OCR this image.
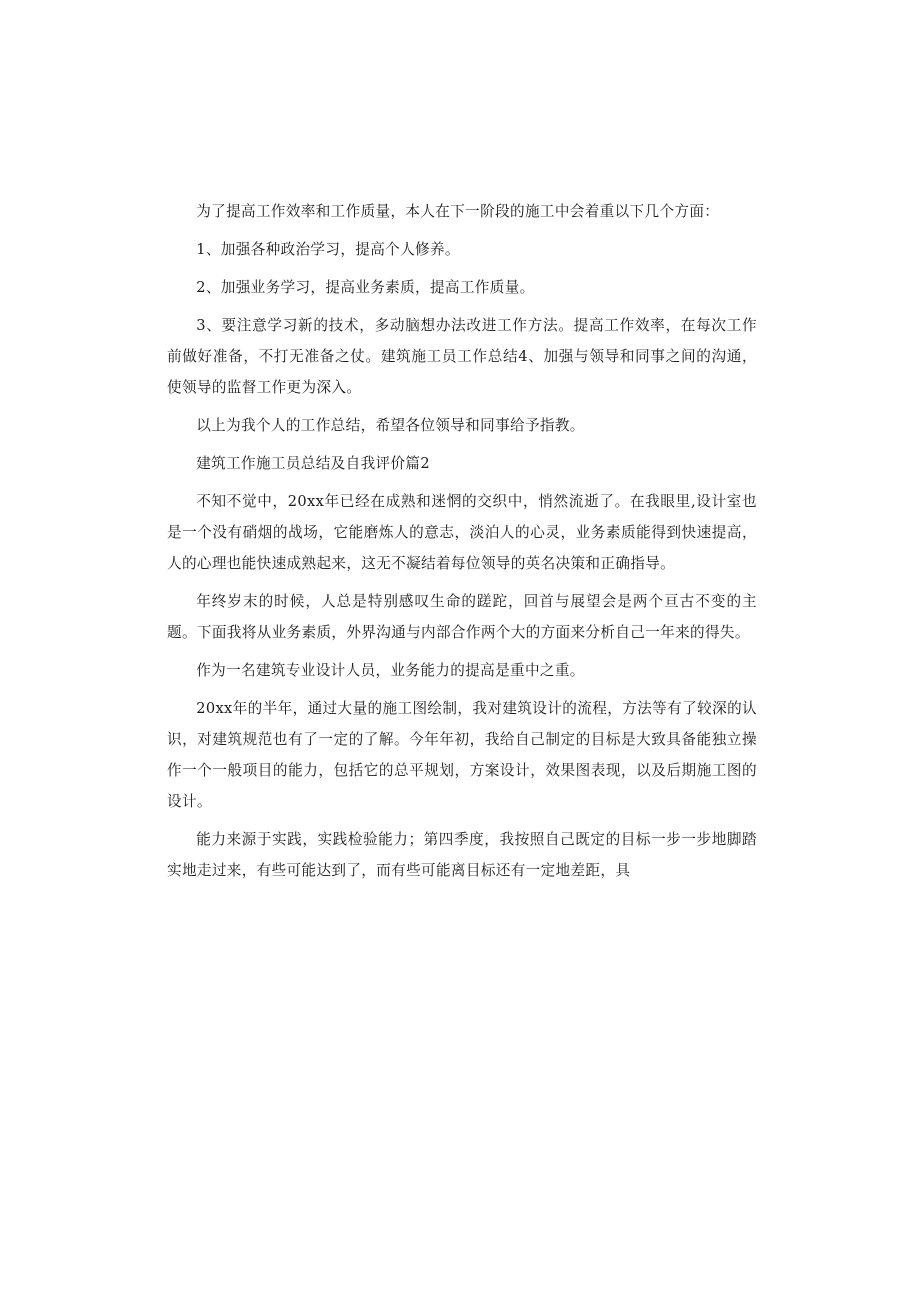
为了提高工作效率和工作质量，本人在下一阶段的施工中会着重以下几个方面：

1、加强各种政治学习，提高个人修养。

2、加强业务学习，提高业务素质，提高工作质量。

3、要注意学习新的技术，多动脑想办法改进工作方法。提高工作效率，在每次工作前做好准备，不打无准备之仗。建筑施工员工作总结4、加强与领导和同事之间的沟通，使领导的监督工作更为深入。

以上为我个人的工作总结，希望各位领导和同事给予指教。

建筑工作施工员总结及自我评价篇2

不知不觉中，20xx年已经在成熟和迷惘的交织中，悄然流逝了。在我眼里,设计室也是一个没有硝烟的战场，它能磨炼人的意志，淡泊人的心灵，业务素质能得到快速提高，人的心理也能快速成熟起来，这无不凝结着每位领导的英名决策和正确指导。

年终岁末的时候，人总是特别感叹生命的蹉跎，回首与展望会是两个亘古不变的主题。下面我将从业务素质，外界沟通与内部合作两个大的方面来分析自己一年来的得失。

作为一名建筑专业设计人员，业务能力的提高是重中之重。

20xx年的半年，通过大量的施工图绘制，我对建筑设计的流程，方法等有了较深的认识，对建筑规范也有了一定的了解。今年年初，我给自己制定的目标是大致具备能独立操作一个一般项目的能力，包括它的总平规划，方案设计，效果图表现，以及后期施工图的设计。

能力来源于实践，实践检验能力；第四季度，我按照自己既定的目标一步一步地脚踏实地走过来，有些可能达到了，而有些可能离目标还有一定地差距，具
